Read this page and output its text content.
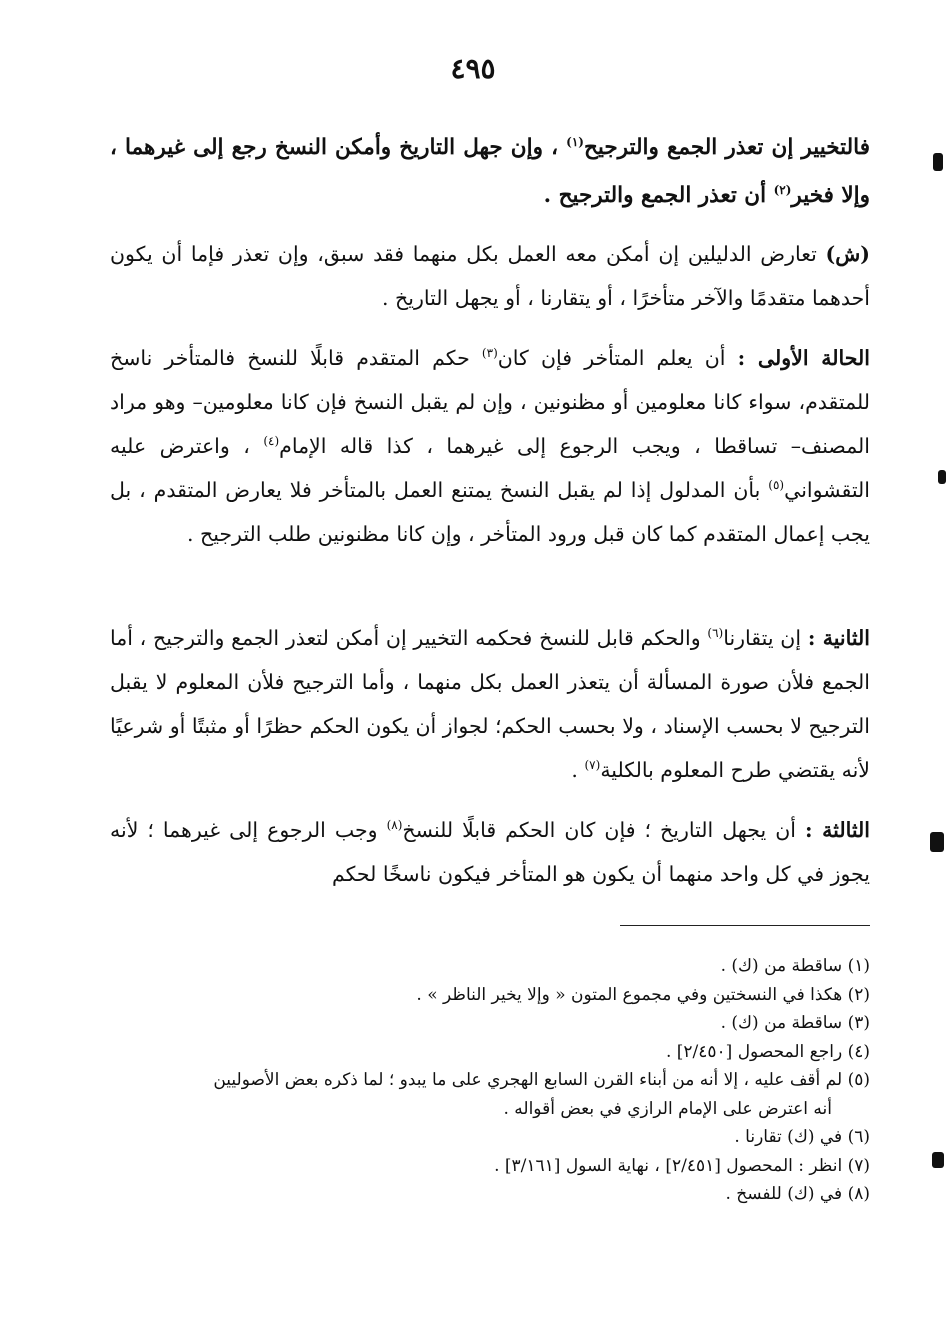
٤٩٥

فالتخيير إن تعذر الجمع والترجيح$^{(١)}$ ، وإن جهل التاريخ وأمكن النسخ رجع إلى غيرهما ، وإلا فخير$^{(٢)}$ أن تعذر الجمع والترجيح .

(ش) تعارض الدليلين إن أمكن معه العمل بكل منهما فقد سبق، وإن تعذر فإما أن يكون أحدهما متقدمًا والآخر متأخرًا ، أو يتقارنا ، أو يجهل التاريخ .

الحالة الأولى : أن يعلم المتأخر فإن كان$^{(٣)}$ حكم المتقدم قابلًا للنسخ فالمتأخر ناسخ للمتقدم، سواء كانا معلومين أو مظنونين ، وإن لم يقبل النسخ فإن كانا معلومين– وهو مراد المصنف– تساقطا ، ويجب الرجوع إلى غيرهما ، كذا قاله الإمام$^{(٤)}$ ، واعترض عليه التقشواني$^{(٥)}$ بأن المدلول إذا لم يقبل النسخ يمتنع العمل بالمتأخر فلا يعارض المتقدم ، بل يجب إعمال المتقدم كما كان قبل ورود المتأخر ، وإن كانا مظنونين طلب الترجيح .

الثانية : إن يتقارنا$^{(٦)}$ والحكم قابل للنسخ فحكمه التخيير إن أمكن لتعذر الجمع والترجيح ، أما الجمع فلأن صورة المسألة أن يتعذر العمل بكل منهما ، وأما الترجيح فلأن المعلوم لا يقبل الترجيح لا بحسب الإسناد ، ولا بحسب الحكم؛ لجواز أن يكون الحكم حظرًا أو مثبتًا أو شرعيًا لأنه يقتضي طرح المعلوم بالكلية$^{(٧)}$ .

الثالثة : أن يجهل التاريخ ؛ فإن كان الحكم قابلًا للنسخ$^{(٨)}$ وجب الرجوع إلى غيرهما ؛ لأنه يجوز في كل واحد منهما أن يكون هو المتأخر فيكون ناسخًا لحكم

(١) ساقطة من (ك) .
(٢) هكذا في النسختين وفي مجموع المتون « وإلا يخير الناظر » .
(٣) ساقطة من (ك) .
(٤) راجع المحصول [٢/٤٥٠] .
(٥) لم أقف عليه ، إلا أنه من أبناء القرن السابع الهجري على ما يبدو ؛ لما ذكره بعض الأصوليين
أنه اعترض على الإمام الرازي في بعض أقواله .
(٦) في (ك) تقارنا .
(٧) انظر : المحصول [٢/٤٥١] ، نهاية السول [٣/١٦١] .
(٨) في (ك) للفسخ .
